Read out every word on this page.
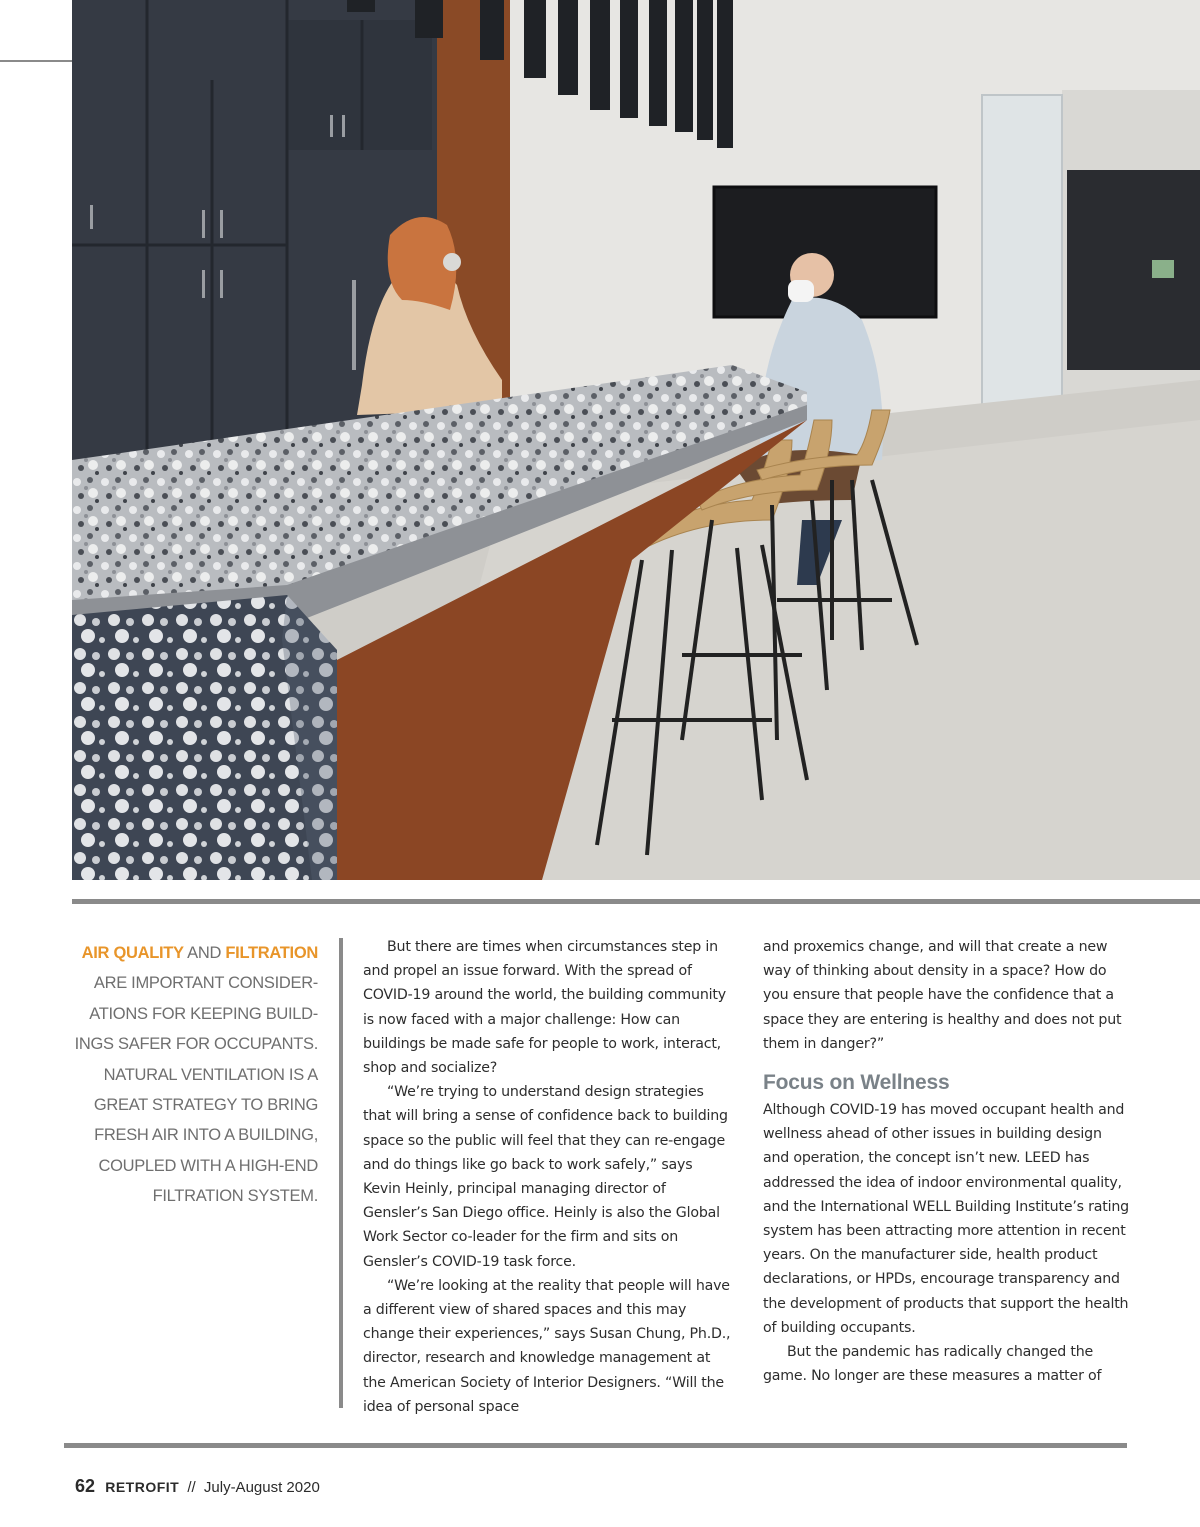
AIR QUALITY AND FILTRATION
ARE IMPORTANT CONSIDER-
ATIONS FOR KEEPING BUILD-
INGS SAFER FOR OCCUPANTS.
NATURAL VENTILATION IS A
GREAT STRATEGY TO BRING
FRESH AIR INTO A BUILDING,
COUPLED WITH A HIGH-END
FILTRATION SYSTEM.

But there are times when circumstances step in and propel an issue forward. With the spread of COVID-19 around the world, the building community is now faced with a major challenge: How can buildings be made safe for people to work, interact, shop and socialize?

“We’re trying to understand design strategies that will bring a sense of confidence back to building space so the public will feel that they can re-engage and do things like go back to work safely,” says Kevin Heinly, principal managing director of Gensler’s San Diego office. Heinly is also the Global Work Sector co-leader for the firm and sits on Gensler’s COVID-19 task force.

“We’re looking at the reality that people will have a different view of shared spaces and this may change their experiences,” says Susan Chung, Ph.D., director, research and knowledge management at the American Society of Interior Designers. “Will the idea of personal space

and proxemics change, and will that create a new way of thinking about density in a space? How do you ensure that people have the confidence that a space they are entering is healthy and does not put them in danger?”

Focus on Wellness

Although COVID-19 has moved occupant health and wellness ahead of other issues in building design and operation, the concept isn’t new. LEED has addressed the idea of indoor environmental quality, and the International WELL Building Institute’s rating system has been attracting more attention in recent years. On the manufacturer side, health product declarations, or HPDs, encourage transparency and the development of products that support the health of building occupants.

But the pandemic has radically changed the game. No longer are these measures a matter of

62 RETROFIT // July-August 2020
